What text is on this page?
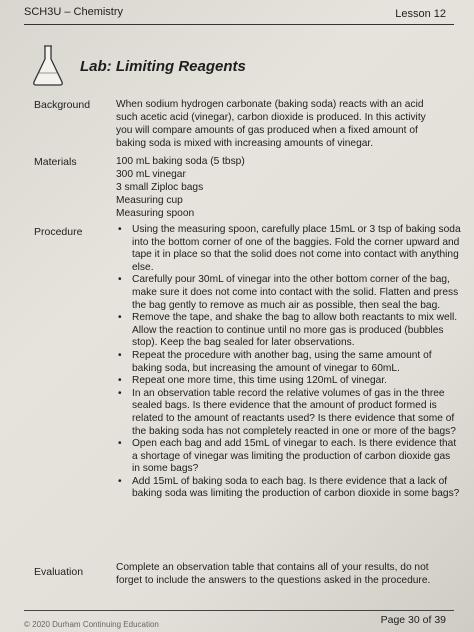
SCH3U – Chemistry	Lesson 12
Lab: Limiting Reagents
Background	When sodium hydrogen carbonate (baking soda) reacts with an acid
such acetic acid (vinegar), carbon dioxide is produced. In this activity
you will compare amounts of gas produced when a fixed amount of
baking soda is mixed with increasing amounts of vinegar.
Materials	100 mL baking soda (5 tbsp)
300 mL vinegar
3 small Ziploc bags
Measuring cup
Measuring spoon
Procedure
•	Using the measuring spoon, carefully place 15mL or 3 tsp of baking soda into the bottom corner of one of the baggies. Fold the corner upward and tape it in place so that the solid does not come into contact with anything else.
• Carefully pour 30mL of vinegar into the other bottom corner of the bag, make sure it does not come into contact with the solid. Flatten and press the bag gently to remove as much air as possible, then seal the bag.
• Remove the tape, and shake the bag to allow both reactants to mix well. Allow the reaction to continue until no more gas is produced (bubbles stop). Keep the bag sealed for later observations.
• Repeat the procedure with another bag, using the same amount of baking soda, but increasing the amount of vinegar to 60mL.
• Repeat one more time, this time using 120mL of vinegar.
• In an observation table record the relative volumes of gas in the three sealed bags. Is there evidence that the amount of product formed is related to the amount of reactants used? Is there evidence that some of the baking soda has not completely reacted in one or more of the bags?
• Open each bag and add 15mL of vinegar to each. Is there evidence that a shortage of vinegar was limiting the production of carbon dioxide gas in some bags?
• Add 15mL of baking soda to each bag. Is there evidence that a lack of baking soda was limiting the production of carbon dioxide in some bags?
Evaluation	Complete an observation table that contains all of your results, do not
forget to include the answers to the questions asked in the procedure.
© 2020 Durham Continuing Education	Page 30 of 39
